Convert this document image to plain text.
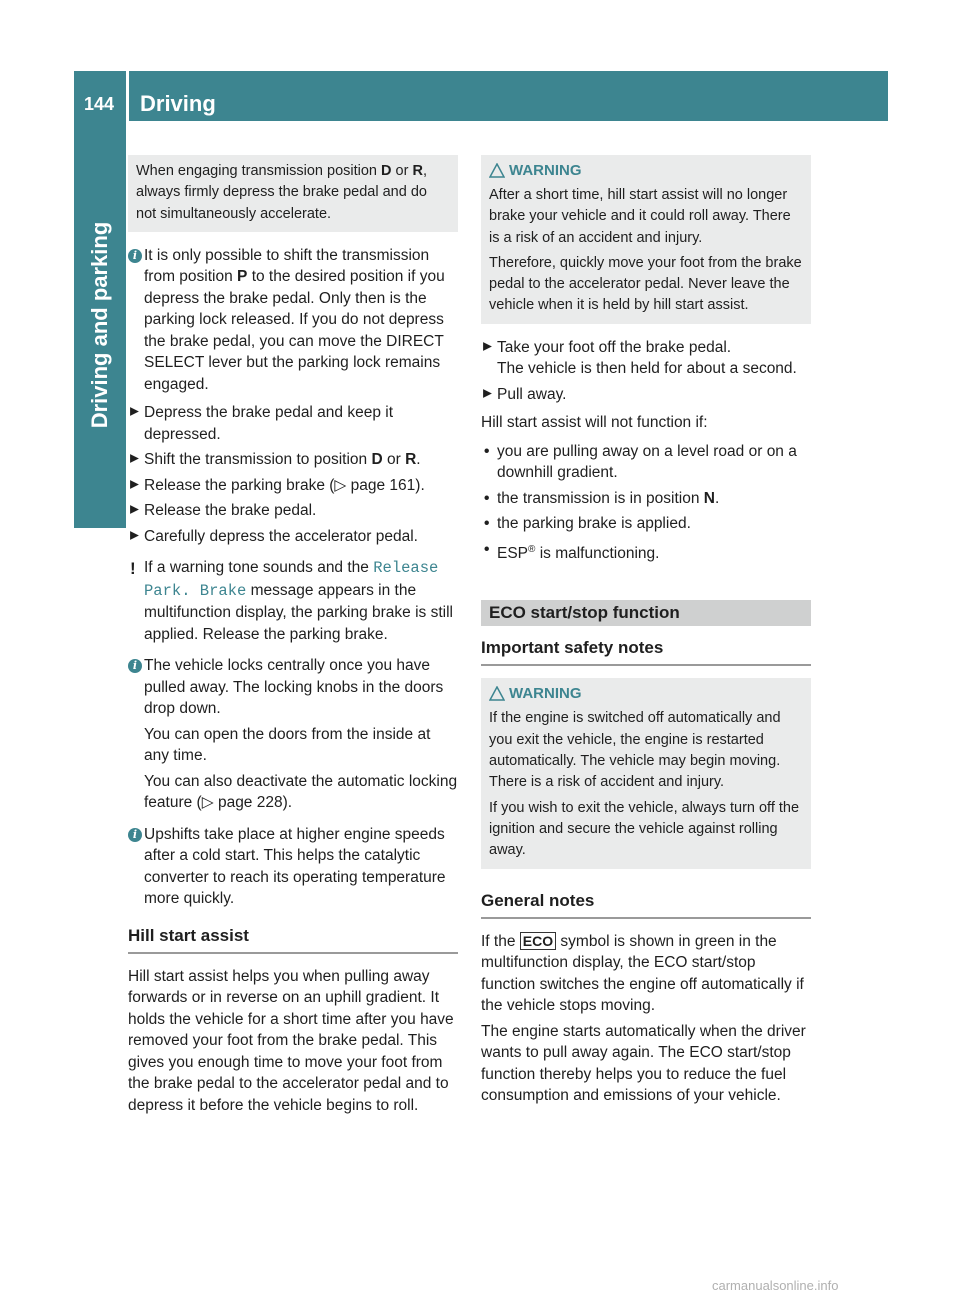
144 Driving
Driving and parking

When engaging transmission position D or R, always firmly depress the brake pedal and do not simultaneously accelerate.

i It is only possible to shift the transmission from position P to the desired position if you depress the brake pedal. Only then is the parking lock released. If you do not depress the brake pedal, you can move the DIRECT SELECT lever but the parking lock remains engaged.

Depress the brake pedal and keep it depressed.

Shift the transmission to position D or R.

Release the parking brake (▷ page 161).

Release the brake pedal.

Carefully depress the accelerator pedal.

! If a warning tone sounds and the Release Park. Brake message appears in the multifunction display, the parking brake is still applied. Release the parking brake.

i The vehicle locks centrally once you have pulled away. The locking knobs in the doors drop down.

You can open the doors from the inside at any time.

You can also deactivate the automatic locking feature (▷ page 228).

i Upshifts take place at higher engine speeds after a cold start. This helps the catalytic converter to reach its operating temperature more quickly.

Hill start assist

Hill start assist helps you when pulling away forwards or in reverse on an uphill gradient. It holds the vehicle for a short time after you have removed your foot from the brake pedal. This gives you enough time to move your foot from the brake pedal to the accelerator pedal and to depress it before the vehicle begins to roll.

WARNING

After a short time, hill start assist will no longer brake your vehicle and it could roll away. There is a risk of an accident and injury.

Therefore, quickly move your foot from the brake pedal to the accelerator pedal. Never leave the vehicle when it is held by hill start assist.

Take your foot off the brake pedal.

The vehicle is then held for about a second.

Pull away.

Hill start assist will not function if:

• you are pulling away on a level road or on a downhill gradient.

• the transmission is in position N.

• the parking brake is applied.

• ESP® is malfunctioning.

ECO start/stop function
Important safety notes
WARNING

If the engine is switched off automatically and you exit the vehicle, the engine is restarted automatically. The vehicle may begin moving. There is a risk of accident and injury.

If you wish to exit the vehicle, always turn off the ignition and secure the vehicle against rolling away.

General notes

If the ECO symbol is shown in green in the multifunction display, the ECO start/stop function switches the engine off automatically if the vehicle stops moving.

The engine starts automatically when the driver wants to pull away again. The ECO start/stop function thereby helps you to reduce the fuel consumption and emissions of your vehicle.

carmanualsonline.info
